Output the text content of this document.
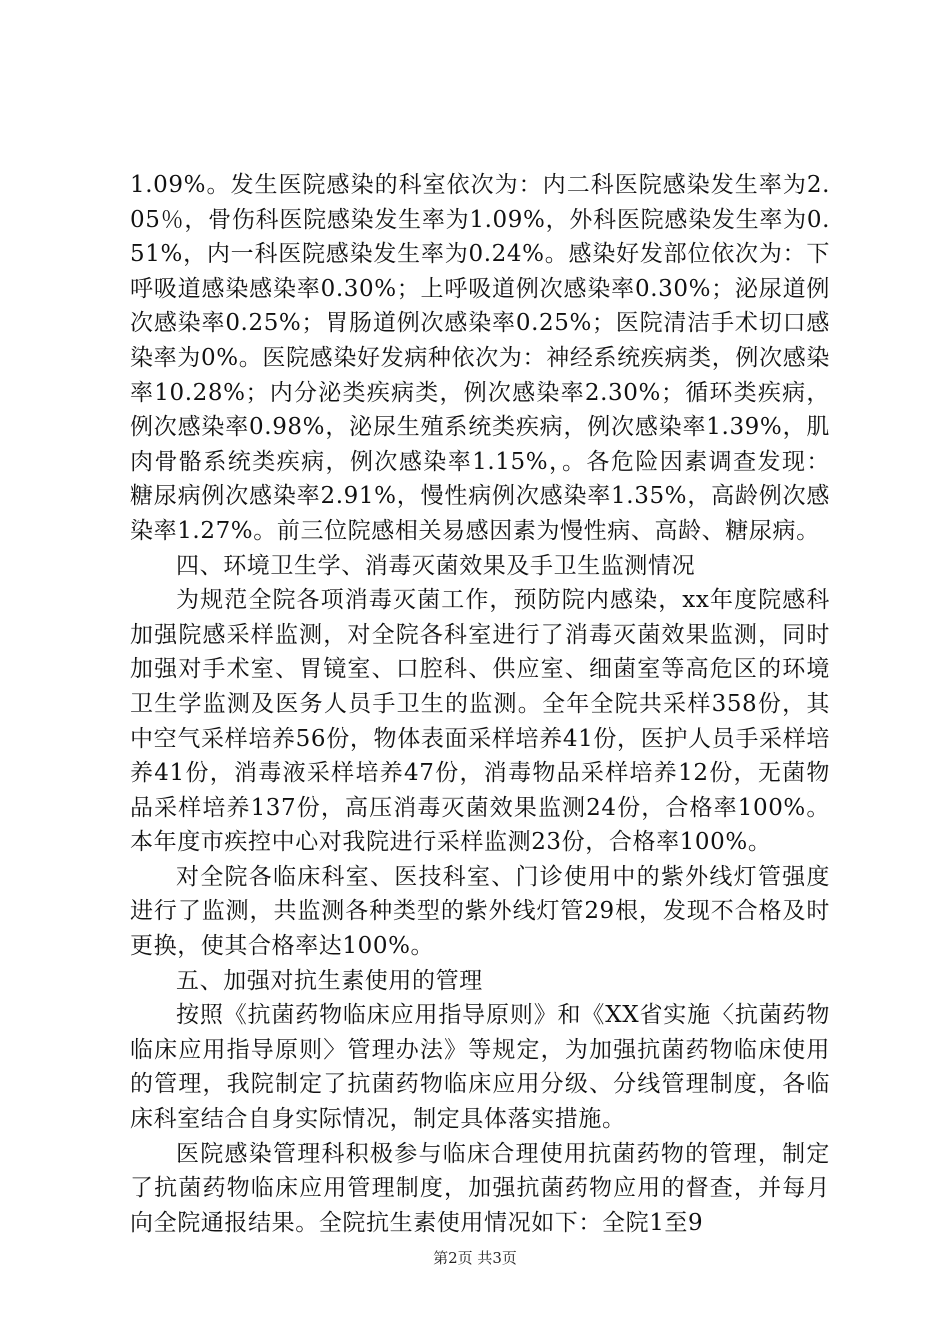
1.09%。发生医院感染的科室依次为：内二科医院感染发生率为2.05％，骨伤科医院感染发生率为1.09%，外科医院感染发生率为0.51%，内一科医院感染发生率为0.24%。感染好发部位依次为：下呼吸道感染感染率0.30%；上呼吸道例次感染率0.30%；泌尿道例次感染率0.25%；胃肠道例次感染率0.25%；医院清洁手术切口感染率为0%。医院感染好发病种依次为：神经系统疾病类，例次感染率10.28%；内分泌类疾病类，例次感染率2.30%；循环类疾病，例次感染率0.98%，泌尿生殖系统类疾病，例次感染率1.39%，肌肉骨骼系统类疾病，例次感染率1.15%，。各危险因素调查发现：糖尿病例次感染率2.91%，慢性病例次感染率1.35%，高龄例次感染率1.27%。前三位院感相关易感因素为慢性病、高龄、糖尿病。

四、环境卫生学、消毒灭菌效果及手卫生监测情况

为规范全院各项消毒灭菌工作，预防院内感染，xx年度院感科加强院感采样监测，对全院各科室进行了消毒灭菌效果监测，同时加强对手术室、胃镜室、口腔科、供应室、细菌室等高危区的环境卫生学监测及医务人员手卫生的监测。全年全院共采样358份，其中空气采样培养56份，物体表面采样培养41份，医护人员手采样培养41份，消毒液采样培养47份，消毒物品采样培养12份，无菌物品采样培养137份，高压消毒灭菌效果监测24份，合格率100%。本年度市疾控中心对我院进行采样监测23份，合格率100%。

对全院各临床科室、医技科室、门诊使用中的紫外线灯管强度进行了监测，共监测各种类型的紫外线灯管29根，发现不合格及时更换，使其合格率达100%。

五、加强对抗生素使用的管理

按照《抗菌药物临床应用指导原则》和《XX省实施〈抗菌药物临床应用指导原则〉管理办法》等规定，为加强抗菌药物临床使用的管理，我院制定了抗菌药物临床应用分级、分线管理制度，各临床科室结合自身实际情况，制定具体落实措施。

医院感染管理科积极参与临床合理使用抗菌药物的管理，制定了抗菌药物临床应用管理制度，加强抗菌药物应用的督查，并每月向全院通报结果。全院抗生素使用情况如下：全院1至9

第2页 共3页
